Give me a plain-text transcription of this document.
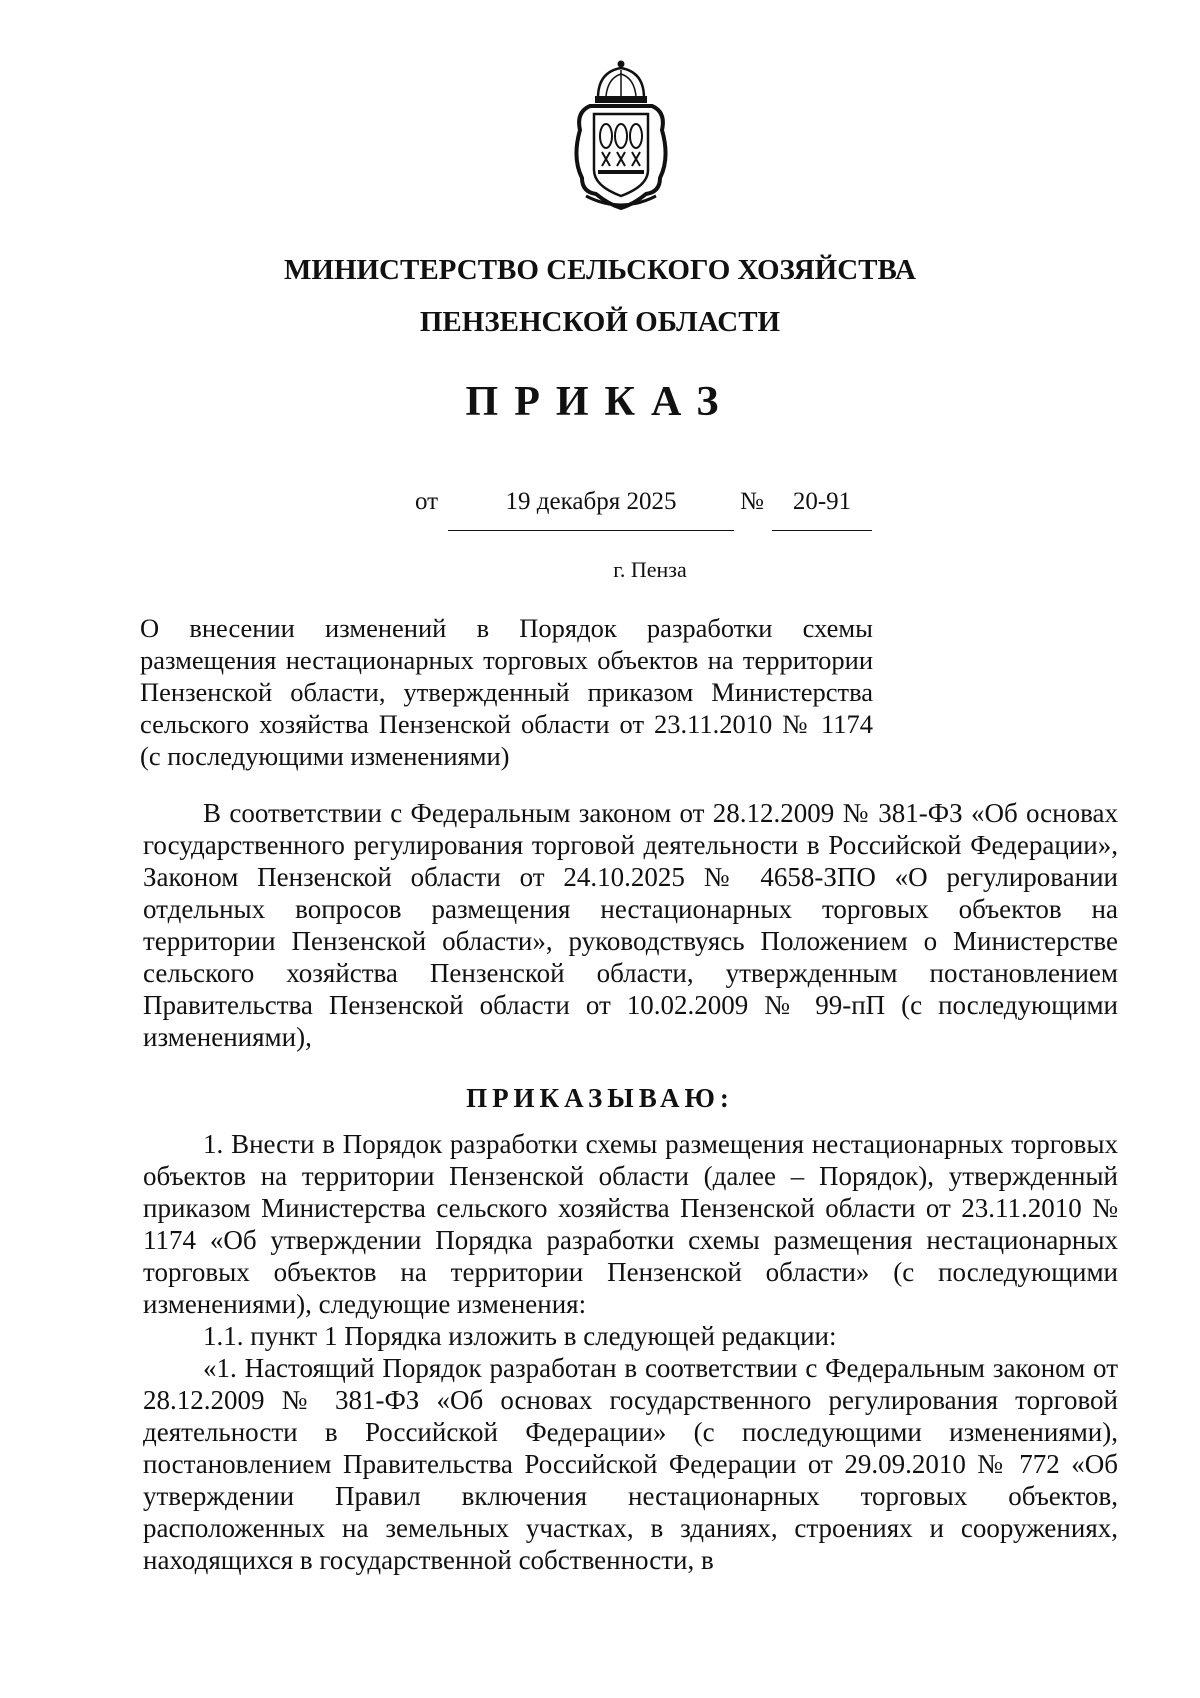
МИНИСТЕРСТВО СЕЛЬСКОГО ХОЗЯЙСТВА
ПЕНЗЕНСКОЙ ОБЛАСТИ
ПРИКАЗ
от	19 декабря 2025	№	20-91
г. Пенза
О внесении изменений в Порядок разработки схемы размещения нестационарных торговых объектов на территории Пензенской области, утвержденный приказом Министерства сельского хозяйства Пензенской области от 23.11.2010 № 1174 (с последующими изменениями)

В соответствии с Федеральным законом от 28.12.2009 № 381-ФЗ «Об основах государственного регулирования торговой деятельности в Российской Федерации», Законом Пензенской области от 24.10.2025 № 4658-ЗПО «О регулировании отдельных вопросов размещения нестационарных торговых объектов на территории Пензенской области», руководствуясь Положением о Министерстве сельского хозяйства Пензенской области, утвержденным постановлением Правительства Пензенской области от 10.02.2009 № 99-пП (с последующими изменениями),

ПРИКАЗЫВАЮ:

1. Внести в Порядок разработки схемы размещения нестационарных торговых объектов на территории Пензенской области (далее – Порядок), утвержденный приказом Министерства сельского хозяйства Пензенской области от 23.11.2010 № 1174 «Об утверждении Порядка разработки схемы размещения нестационарных торговых объектов на территории Пензенской области» (с последующими изменениями), следующие изменения:

1.1. пункт 1 Порядка изложить в следующей редакции:

«1. Настоящий Порядок разработан в соответствии с Федеральным законом от 28.12.2009 № 381-ФЗ «Об основах государственного регулирования торговой деятельности в Российской Федерации» (с последующими изменениями), постановлением Правительства Российской Федерации от 29.09.2010 № 772 «Об утверждении Правил включения нестационарных торговых объектов, расположенных на земельных участках, в зданиях, строениях и сооружениях, находящихся в государственной собственности, в
